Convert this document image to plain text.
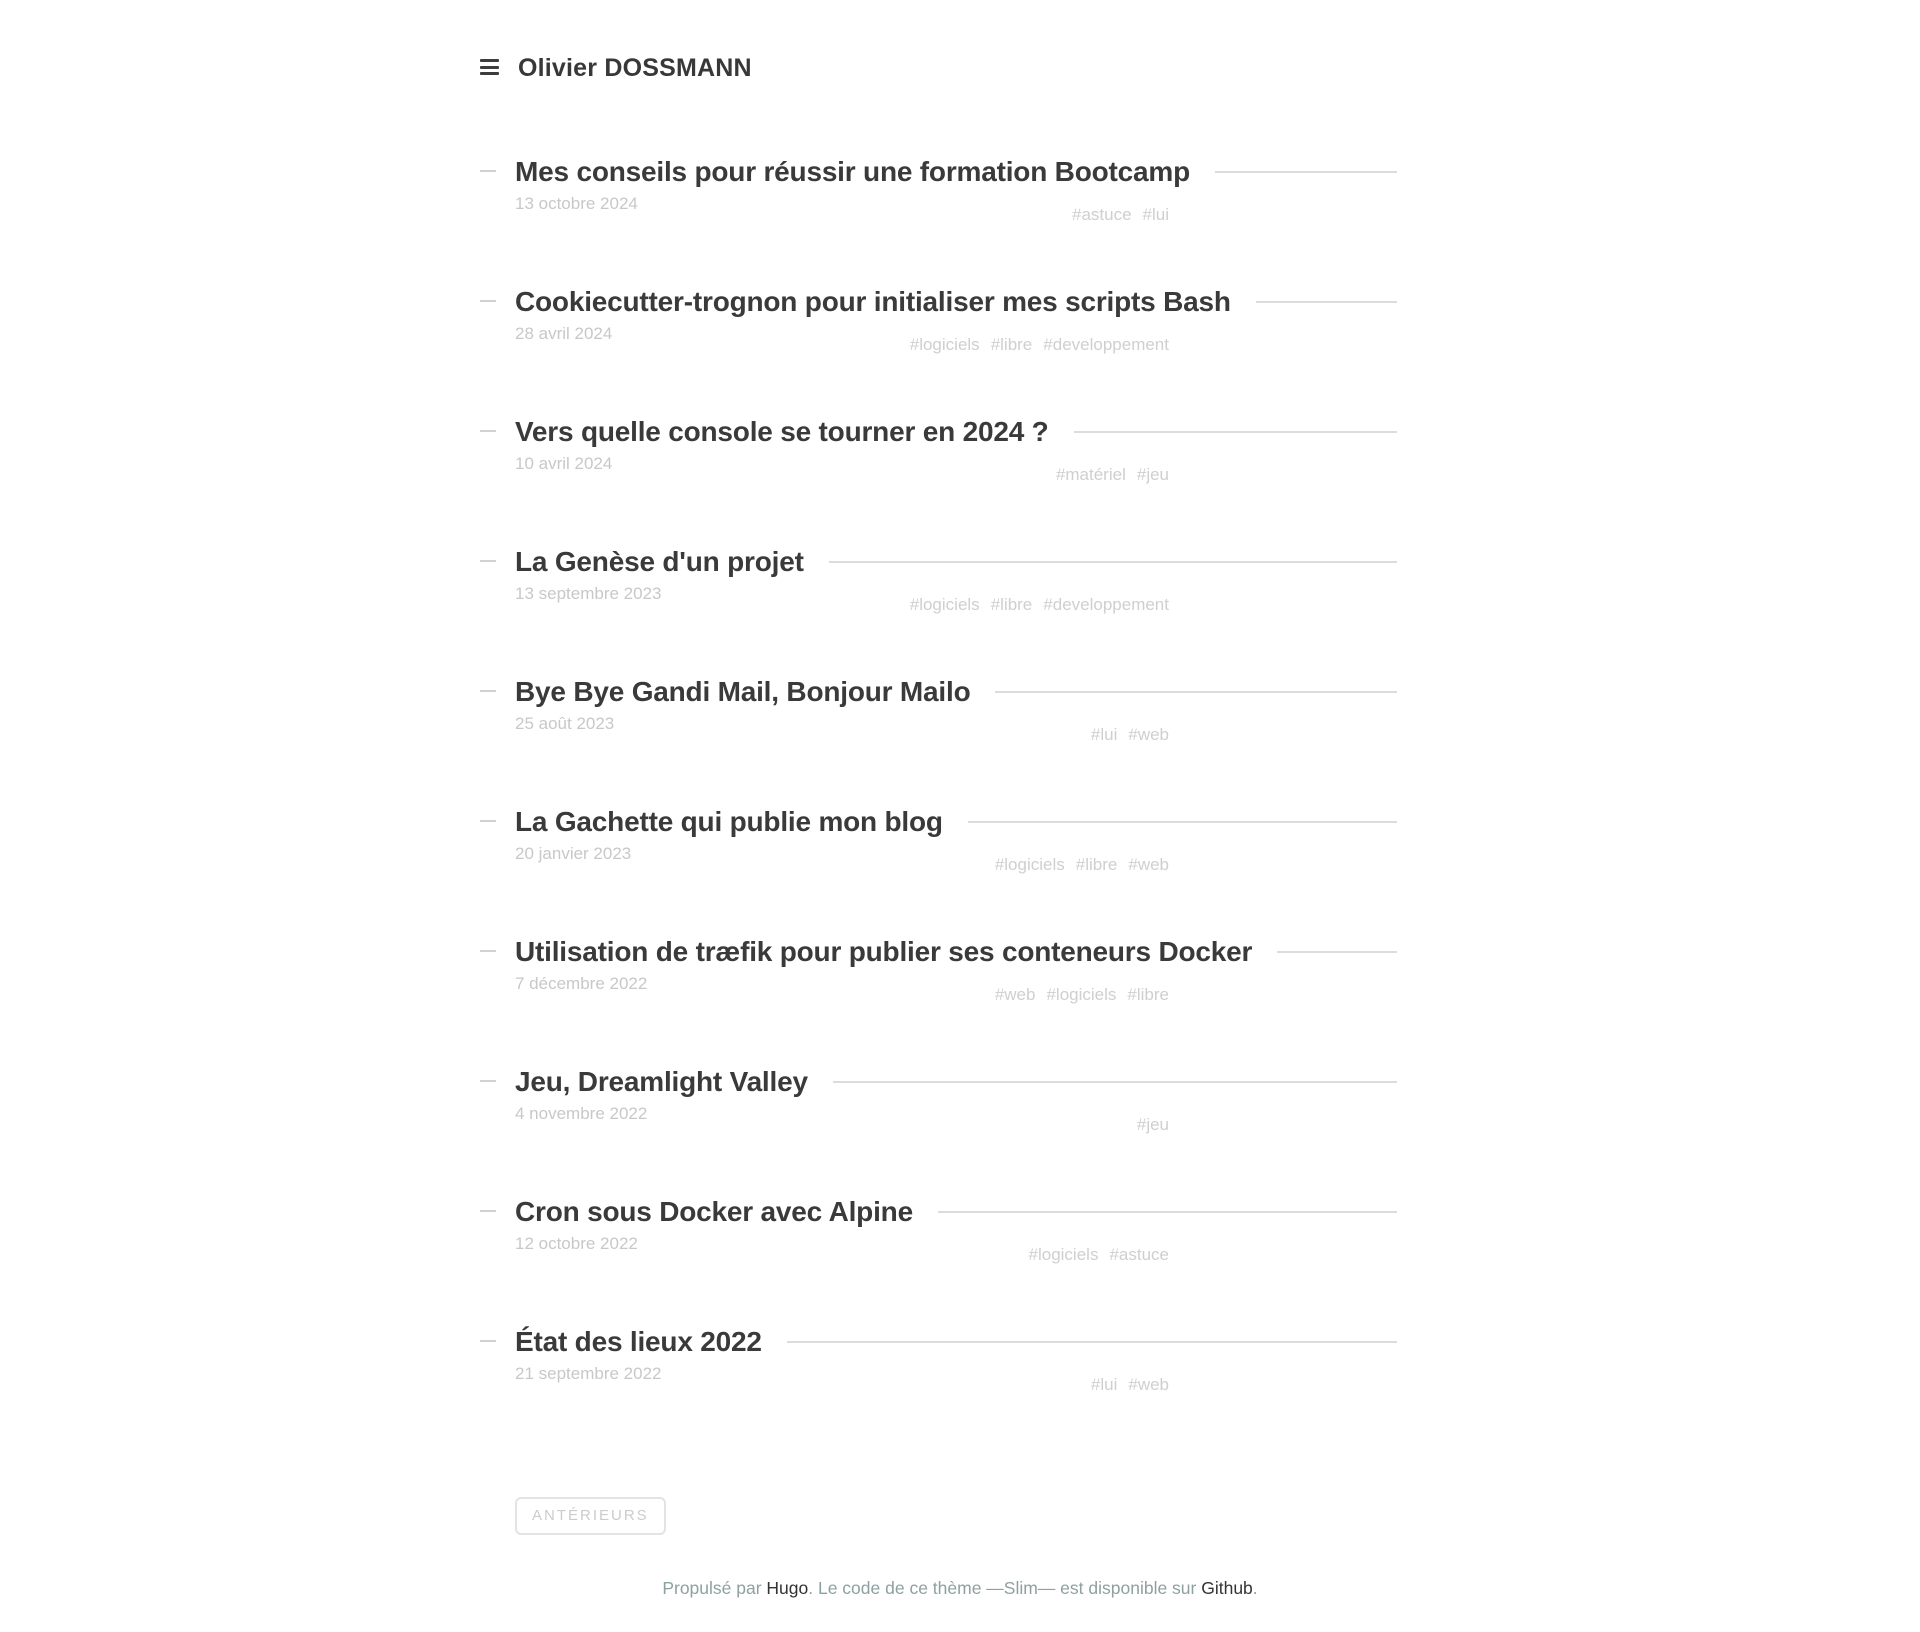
Olivier DOSSMANN
Mes conseils pour réussir une formation Bootcamp
13 octobre 2024
#astuce #lui
Cookiecutter-trognon pour initialiser mes scripts Bash
28 avril 2024
#logiciels #libre #developpement
Vers quelle console se tourner en 2024 ?
10 avril 2024
#matériel #jeu
La Genèse d'un projet
13 septembre 2023
#logiciels #libre #developpement
Bye Bye Gandi Mail, Bonjour Mailo
25 août 2023
#lui #web
La Gachette qui publie mon blog
20 janvier 2023
#logiciels #libre #web
Utilisation de træfik pour publier ses conteneurs Docker
7 décembre 2022
#web #logiciels #libre
Jeu, Dreamlight Valley
4 novembre 2022
#jeu
Cron sous Docker avec Alpine
12 octobre 2022
#logiciels #astuce
État des lieux 2022
21 septembre 2022
#lui #web
ANTÉRIEURS
Propulsé par Hugo. Le code de ce thème —Slim— est disponible sur Github.
